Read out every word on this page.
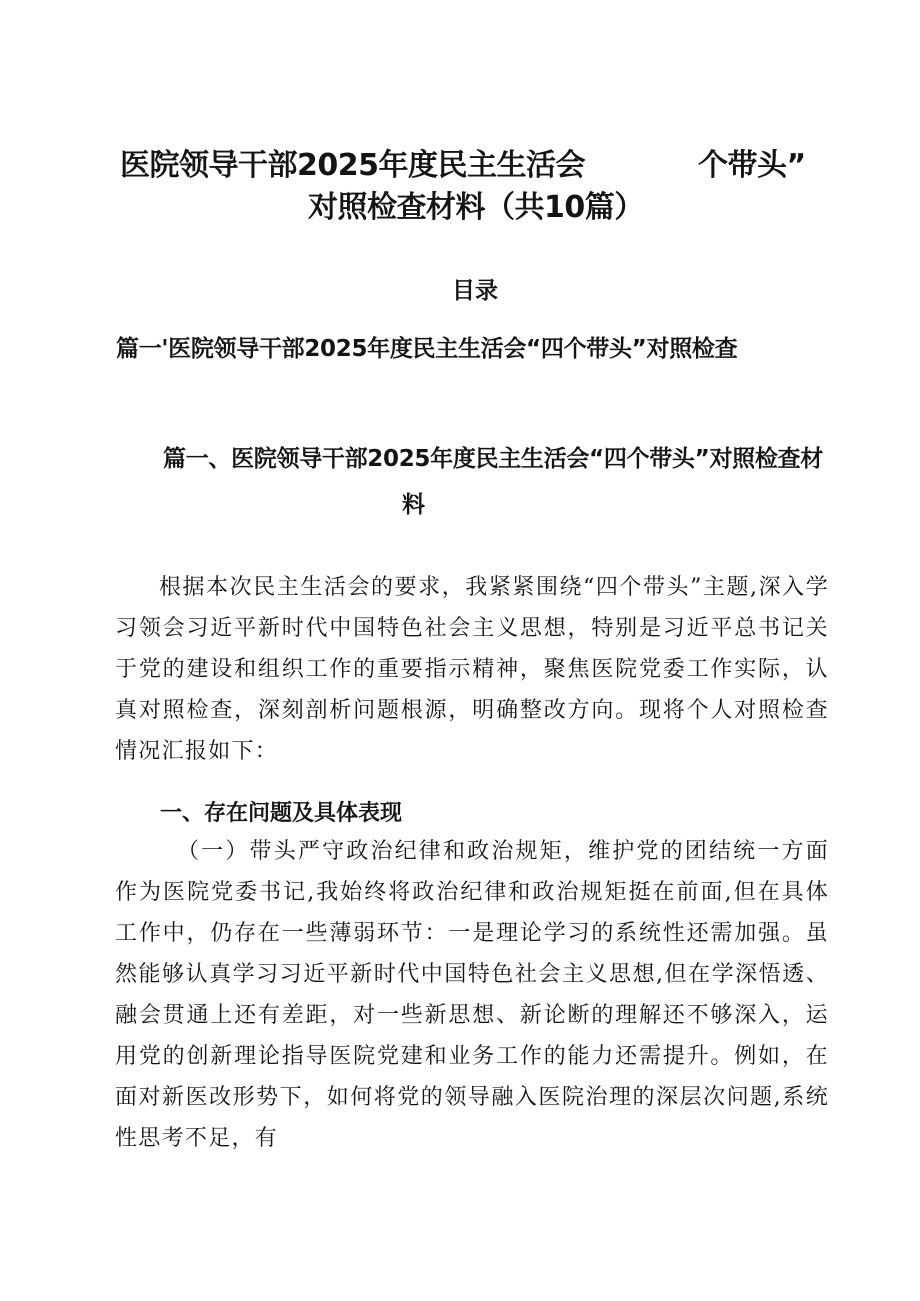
医院领导干部2025年度民主生活会	个带头”
对照检查材料（共10篇）
目录
篇一'医院领导干部2025年度民主生活会“四个带头”对照检查
篇一、医院领导干部2025年度民主生活会“四个带头”对照检查材
料

根据本次民主生活会的要求，我紧紧围绕“四个带头”主题,深入学习领会习近平新时代中国特色社会主义思想，特别是习近平总书记关于党的建设和组织工作的重要指示精神，聚焦医院党委工作实际，认真对照检查，深刻剖析问题根源，明确整改方向。现将个人对照检查情况汇报如下：

一、存在问题及具体表现

（一）带头严守政治纪律和政治规矩，维护党的团结统一方面作为医院党委书记,我始终将政治纪律和政治规矩挺在前面,但在具体工作中，仍存在一些薄弱环节：一是理论学习的系统性还需加强。虽然能够认真学习习近平新时代中国特色社会主义思想,但在学深悟透、融会贯通上还有差距，对一些新思想、新论断的理解还不够深入，运用党的创新理论指导医院党建和业务工作的能力还需提升。例如，在面对新医改形势下，如何将党的领导融入医院治理的深层次问题,系统性思考不足，有
